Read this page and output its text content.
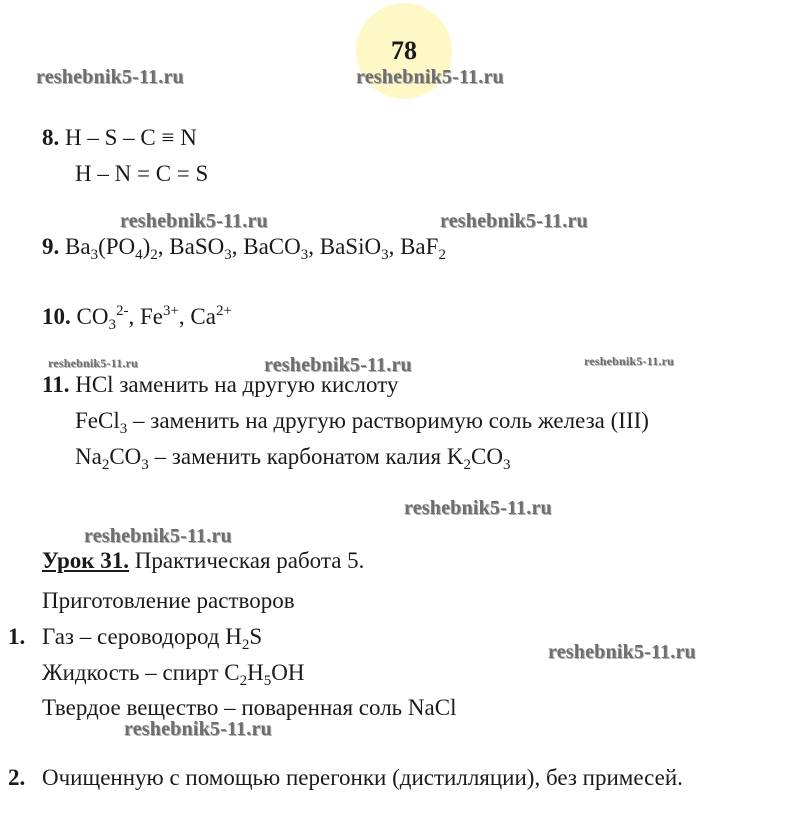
78
reshebnik5-11.ru	reshebnik5-11.ru
reshebnik5-11.ru	reshebnik5-11.ru
reshebnik5-11.ru	reshebnik5-11.ru	reshebnik5-11.ru
reshebnik5-11.ru
reshebnik5-11.ru
reshebnik5-11.ru
reshebnik5-11.ru
8. H – S – C ≡ N
H – N = C = S
9. $Ba_3(PO_4)_2$, BaSO$_3$, BaCO$_3$, BaSiO$_3$, BaF$_2$
10. $CO_3^{2-}$, $Fe^{3+}$, $Ca^{2+}$
11. HCl заменить на другую кислоту
FeCl$_3$ – заменить на другую растворимую соль железа (III)
$Na_2CO_3$ – заменить карбонатом калия $K_2CO_3$
Урок 31. Практическая работа 5.
Приготовление растворов
1. Газ – сероводород $H_2S$
Жидкость – спирт $C_2H_5OH$
Твердое вещество – поваренная соль NaCl
2. Очищенную с помощью перегонки (дистилляции), без примесей.
